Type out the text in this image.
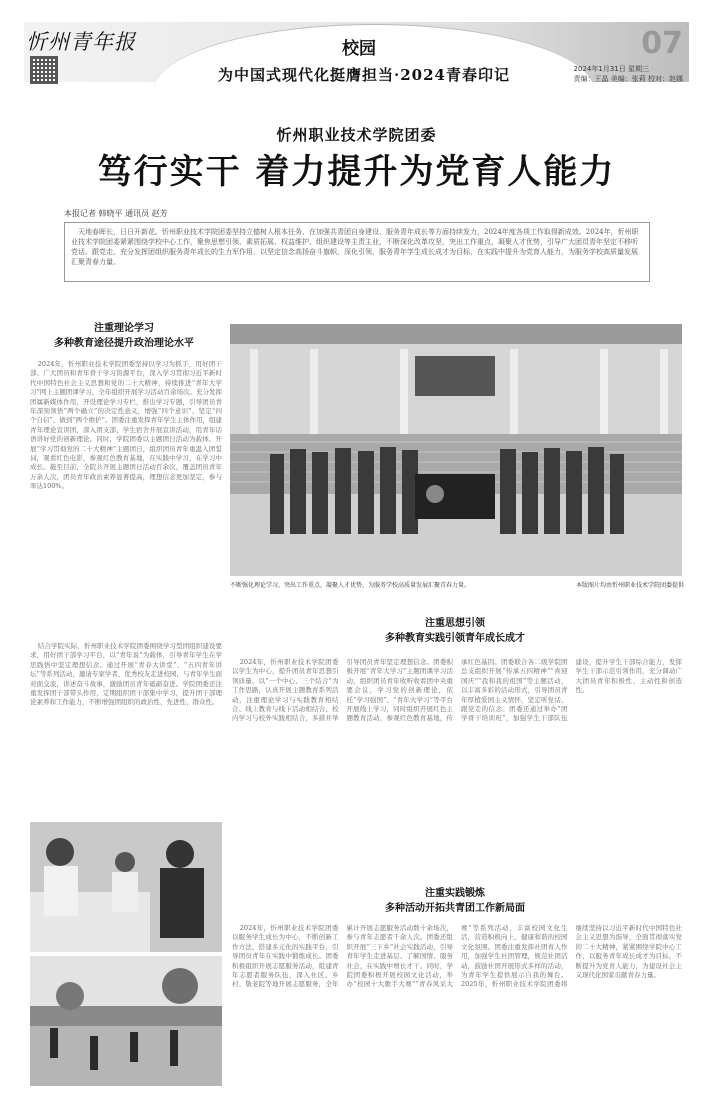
忻州青年报	校园
为中国式现代化挺膺担当·2024青春印记
07
2024年1月31日 星期三
责编：王晶 美编：张莉 校对：赵娜
忻州职业技术学院团委
笃行实干 着力提升为党育人能力
本报记者 韩晓平 通讯员 赵芳
天地春晖长，日日开新花。忻州职业技术学院团委坚持立德树人根本任务，在加强共青团自身建设、服务青年成长等方面持续发力，2024年度各项工作取得新成效。2024年，忻州职业技术学院团委紧紧围绕学校中心工作，聚焦思想引领、素质拓展、权益维护、组织建设等主责主业，不断深化改革攻坚，突出工作重点，凝聚人才优势，引导广大团员青年坚定不移听党话、跟党走，充分发挥团组织服务青年成长的生力军作用，以坚定信念高扬奋斗旗帜，深化引领，服务青年学生成长成才为目标，在实践中提升为党育人能力，为服务学校高质量发展汇聚青春力量。
注重理论学习
多种教育途径提升政治理论水平
2024年，忻州职业技术学院团委坚持以学习为抓手，用好团干部、广大团员和青年骨干学习资源平台，深入学习贯彻习近平新时代中国特色社会主义思想和党的二十大精神，持续推进“青年大学习”网上主题团课学习，全年组织开展学习活动百余场次。充分发挥团属新媒体作用，开设理论学习专栏，推出学习专题，引导团员青年深刻领悟“两个确立”的决定性意义，增强“四个意识”、坚定“四个自信”、做到“两个维护”。团委注重发挥青年学生主体作用，组建青年理论宣讲团，深入团支部、学生宿舍开展宣讲活动，用青年话语讲好党的创新理论。同时，学院团委以主题团日活动为载体，开展“学习贯彻党的二十大精神”主题团日，组织团员青年重温入团誓词，观看红色电影，参观红色教育基地，在实践中学习，在学习中成长。截至目前，全院共开展主题团日活动百余次，覆盖团员青年万余人次，团员青年政治素养显著提高，理想信念更加坚定，参与率达100%。
结合学院实际，忻州职业技术学院团委围绕学习型团组织建设要求，用好团干部学习平台，以“青年说”为载体，引导青年学生在学思践悟中坚定理想信念。通过开展“青春大讲堂”、“五四青年讲坛”等系列活动，邀请专家学者、优秀校友走进校园，与青年学生面对面交流，讲述奋斗故事，激励团员青年砥砺奋进。学院团委还注重发挥团干部带头作用，定期组织团干部集中学习，提升团干部理论素养和工作能力，不断增强团组织的政治性、先进性、群众性。
不断强化理论学习，突出工作重点，凝聚人才优势，为服务学校高质量发展汇聚青春力量。	本版图片均由忻州职业技术学院团委提供
注重思想引领
多种教育实践引领青年成长成才
2024年，忻州职业技术学院团委以学生为中心，提升团员青年思想引领质量，以“一个中心、三个结合”为工作思路，认真开展主题教育系列活动，注重理论学习与实践教育相结合、线上教育与线下活动相结合、校内学习与校外实践相结合，多措并举引导团员青年坚定理想信念。团委积极开展“青年大学习”主题团课学习活动，组织团员青年收听收看团中央重要会议，学习党的创新理论，依托“学习强国”、“青年大学习”等平台开展线上学习，同时组织开展红色主题教育活动，参观红色教育基地，传承红色基因。团委联合各二级学院团总支组织开展“传承五四精神”“喜迎国庆”“我和我的祖国”等主题活动，以丰富多彩的活动形式，引导团员青年厚植爱国主义情怀，坚定听党话、跟党走的信念。团委还通过举办“团学骨干培训班”，加强学生干部队伍建设，提升学生干部综合能力，发挥学生干部示范引领作用，充分调动广大团员青年积极性、主动性和创造性。
注重实践锻炼
多种活动开拓共青团工作新局面
2024年，忻州职业技术学院团委以服务学生成长为中心，不断创新工作方法，搭建多元化的实践平台，引导团员青年在实践中锻炼成长。团委积极组织开展志愿服务活动，组建青年志愿者服务队伍，深入社区、乡村、敬老院等地开展志愿服务，全年累计开展志愿服务活动数十余场次，参与青年志愿者千余人次。团委还组织开展“三下乡”社会实践活动，引导青年学生走进基层、了解国情、服务社会，在实践中增长才干。同时，学院团委积极开展校园文化活动，举办“校园十大歌手大赛”“青春风采大赛”等系列活动，丰富校园文化生活，营造积极向上、健康和谐的校园文化氛围。团委注重发挥社团育人作用，加强学生社团管理，规范社团活动，鼓励社团开展形式多样的活动，为青年学生提供展示自我的舞台。2025年，忻州职业技术学院团委将继续坚持以习近平新时代中国特色社会主义思想为指导，全面贯彻落实党的二十大精神，紧紧围绕学院中心工作，以服务青年成长成才为目标，不断提升为党育人能力，为建设社会主义现代化国家贡献青春力量。
